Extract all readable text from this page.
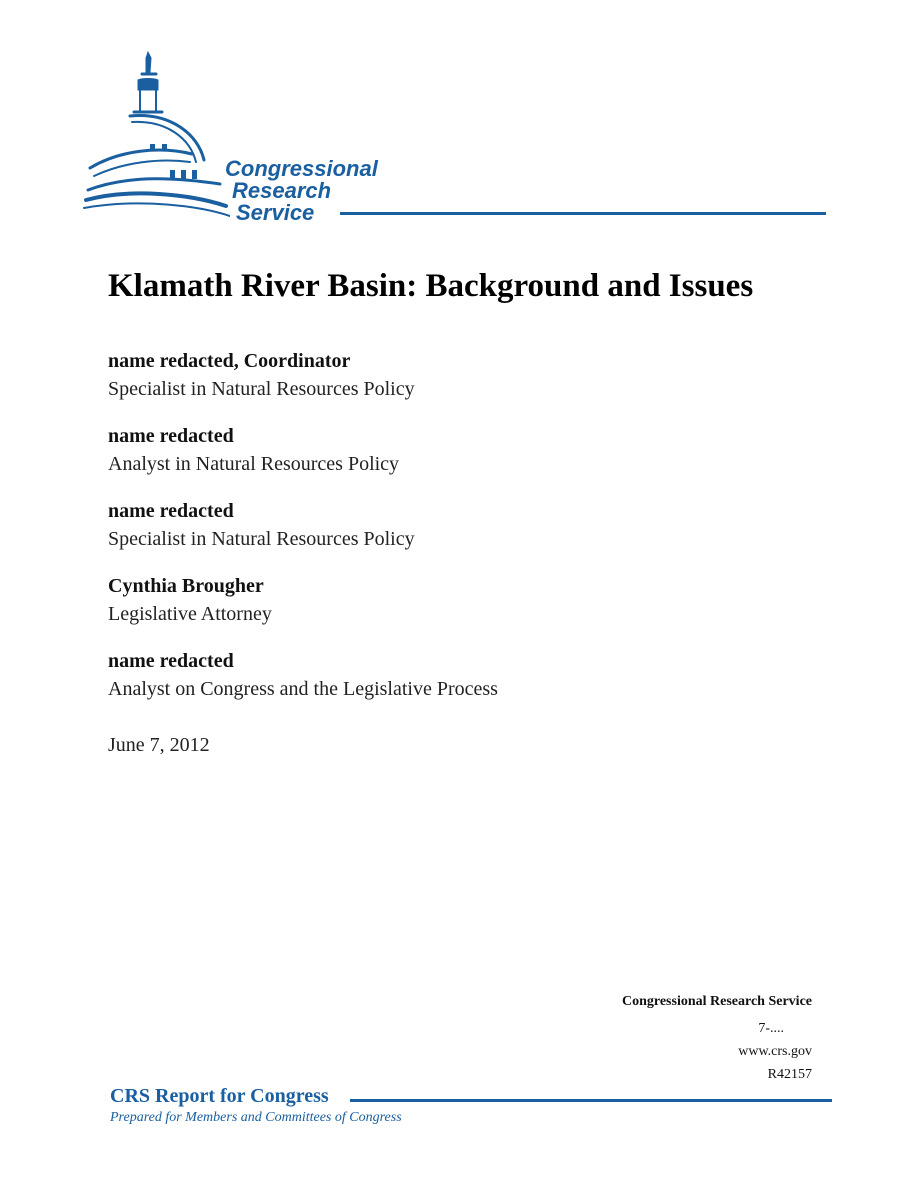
Congressional
Research
Service
Klamath River Basin: Background and Issues
name redacted, Coordinator
Specialist in Natural Resources Policy
name redacted
Analyst in Natural Resources Policy
name redacted
Specialist in Natural Resources Policy
Cynthia Brougher
Legislative Attorney
name redacted
Analyst on Congress and the Legislative Process
June 7, 2012
Congressional Research Service
7-....
www.crs.gov
R42157
CRS Report for Congress
Prepared for Members and Committees of Congress
